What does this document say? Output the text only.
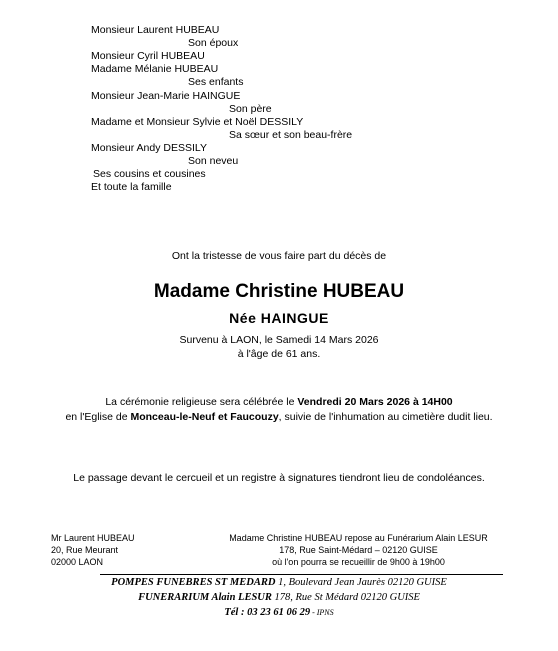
Monsieur Laurent HUBEAU
Son époux
Monsieur Cyril HUBEAU
Madame Mélanie HUBEAU
Ses enfants
Monsieur Jean-Marie HAINGUE
Son père
Madame et Monsieur Sylvie et Noël DESSILY
Sa sœur et son beau-frère
Monsieur Andy DESSILY
Son neveu
Ses cousins et cousines
Et toute la famille
Ont la tristesse de vous faire part du décès de
Madame Christine HUBEAU
Née HAINGUE
Survenu à LAON, le Samedi 14 Mars 2026
à l'âge de 61 ans.
La cérémonie religieuse sera célébrée le Vendredi 20 Mars 2026 à 14H00
en l'Eglise de Monceau-le-Neuf et Faucouzy, suivie de l'inhumation au cimetière dudit lieu.
Le passage devant le cercueil et un registre à signatures tiendront lieu de condoléances.
Mr Laurent HUBEAU
20, Rue Meurant
02000 LAON
Madame Christine HUBEAU repose au Funérarium Alain LESUR
178, Rue Saint-Médard – 02120 GUISE
où l'on pourra se recueillir de 9h00 à 19h00
POMPES FUNEBRES ST MEDARD 1, Boulevard Jean Jaurès 02120 GUISE
FUNERARIUM Alain LESUR 178, Rue St Médard 02120 GUISE
Tél : 03 23 61 06 29 - IPNS
